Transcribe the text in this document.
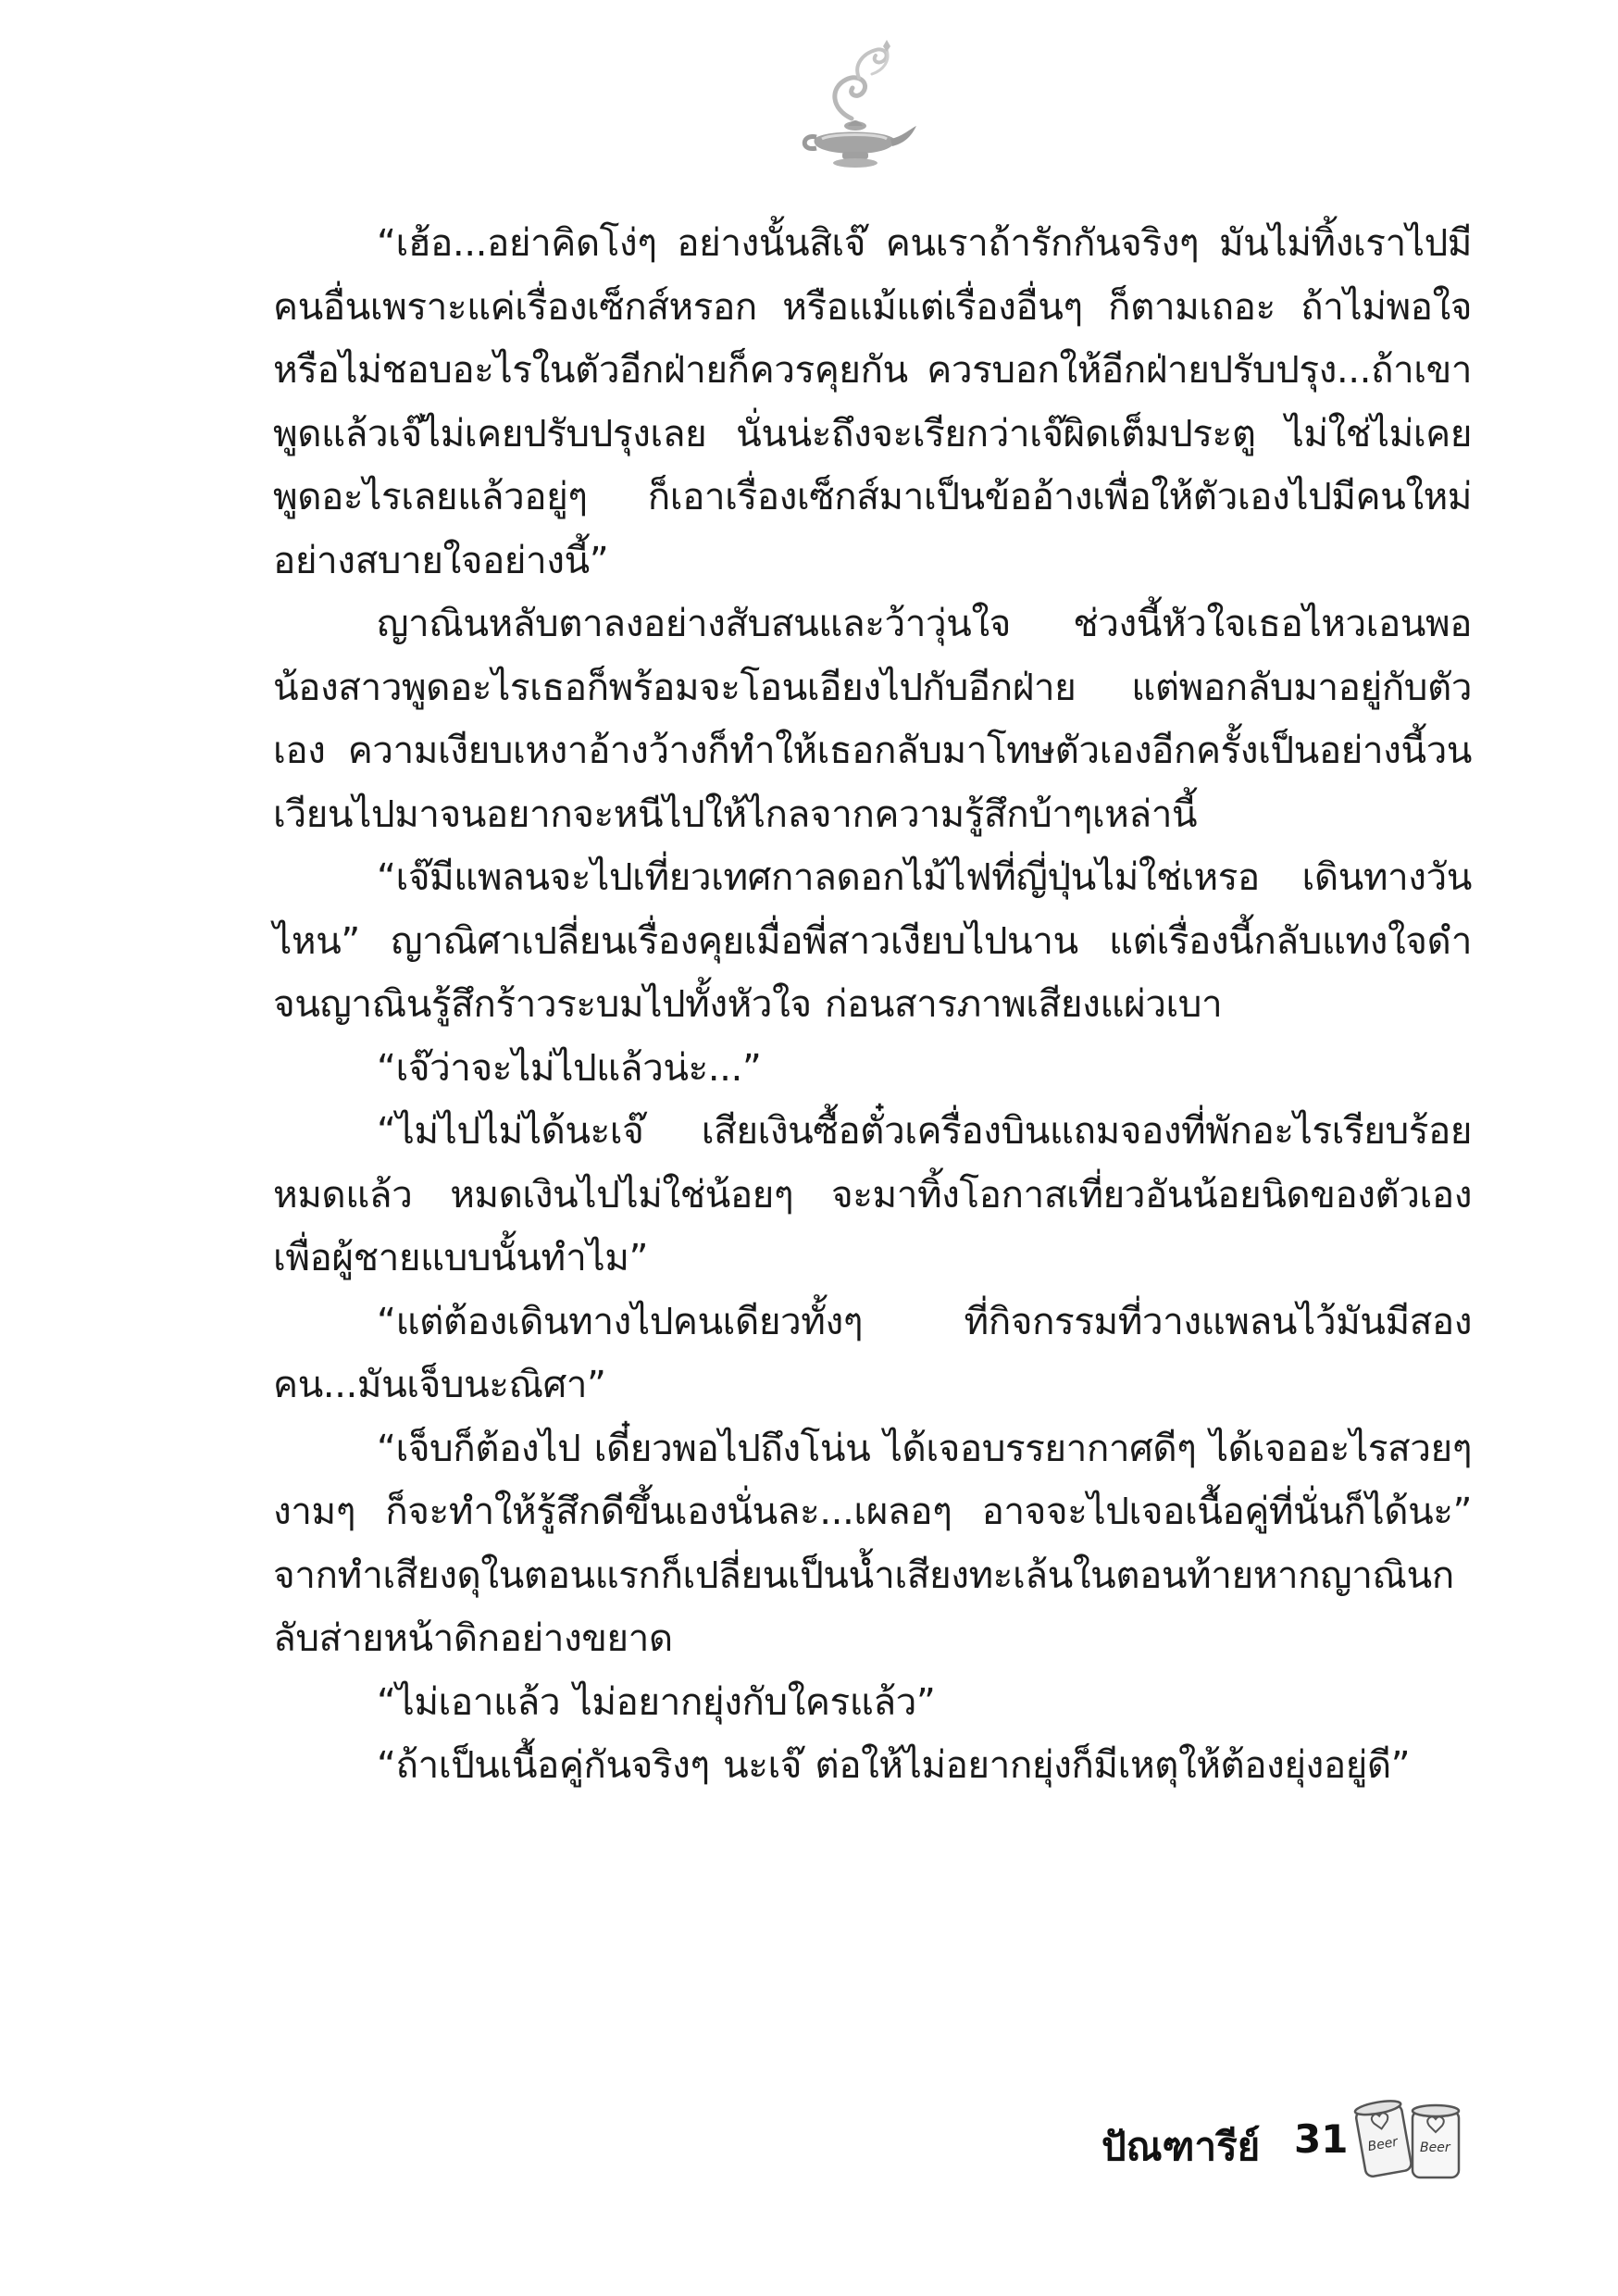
“เฮ้อ...อย่าคิดโง่ๆ อย่างนั้นสิเจ๊ คนเราถ้ารักกันจริงๆ มันไม่ทิ้งเราไปมีคนอื่นเพราะแค่เรื่องเซ็กส์หรอก หรือแม้แต่เรื่องอื่นๆ ก็ตามเถอะ ถ้าไม่พอใจหรือไม่ชอบอะไรในตัวอีกฝ่ายก็ควรคุยกัน ควรบอกให้อีกฝ่ายปรับปรุง...ถ้าเขาพูดแล้วเจ๊ไม่เคยปรับปรุงเลย นั่นน่ะถึงจะเรียกว่าเจ๊ผิดเต็มประตู ไม่ใช่ไม่เคยพูดอะไรเลยแล้วอยู่ๆ ก็เอาเรื่องเซ็กส์มาเป็นข้ออ้างเพื่อให้ตัวเองไปมีคนใหม่อย่างสบายใจอย่างนี้”

ญาณินหลับตาลงอย่างสับสนและว้าวุ่นใจ ช่วงนี้หัวใจเธอไหวเอนพอน้องสาวพูดอะไรเธอก็พร้อมจะโอนเอียงไปกับอีกฝ่าย แต่พอกลับมาอยู่กับตัวเอง ความเงียบเหงาอ้างว้างก็ทำให้เธอกลับมาโทษตัวเองอีกครั้งเป็นอย่างนี้วนเวียนไปมาจนอยากจะหนีไปให้ไกลจากความรู้สึกบ้าๆเหล่านี้

“เจ๊มีแพลนจะไปเที่ยวเทศกาลดอกไม้ไฟที่ญี่ปุ่นไม่ใช่เหรอ เดินทางวันไหน” ญาณิศาเปลี่ยนเรื่องคุยเมื่อพี่สาวเงียบไปนาน แต่เรื่องนี้กลับแทงใจดำจนญาณินรู้สึกร้าวระบมไปทั้งหัวใจ ก่อนสารภาพเสียงแผ่วเบา

“เจ๊ว่าจะไม่ไปแล้วน่ะ...”

“ไม่ไปไม่ได้นะเจ๊ เสียเงินซื้อตั๋วเครื่องบินแถมจองที่พักอะไรเรียบร้อยหมดแล้ว หมดเงินไปไม่ใช่น้อยๆ จะมาทิ้งโอกาสเที่ยวอันน้อยนิดของตัวเองเพื่อผู้ชายแบบนั้นทำไม”

“แต่ต้องเดินทางไปคนเดียวทั้งๆ ที่กิจกรรมที่วางแพลนไว้มันมีสองคน...มันเจ็บนะณิศา”

“เจ็บก็ต้องไป เดี๋ยวพอไปถึงโน่น ได้เจอบรรยากาศดีๆ ได้เจออะไรสวยๆ งามๆ ก็จะทำให้รู้สึกดีขึ้นเองนั่นละ...เผลอๆ อาจจะไปเจอเนื้อคู่ที่นั่นก็ได้นะ” จากทำเสียงดุในตอนแรกก็เปลี่ยนเป็นน้ำเสียงทะเล้นในตอนท้ายหากญาณินกลับส่ายหน้าดิกอย่างขยาด

“ไม่เอาแล้ว ไม่อยากยุ่งกับใครแล้ว”

“ถ้าเป็นเนื้อคู่กันจริงๆ นะเจ๊ ต่อให้ไม่อยากยุ่งก็มีเหตุให้ต้องยุ่งอยู่ดี”

ปัณฑารีย์ 31 Beer Beer
